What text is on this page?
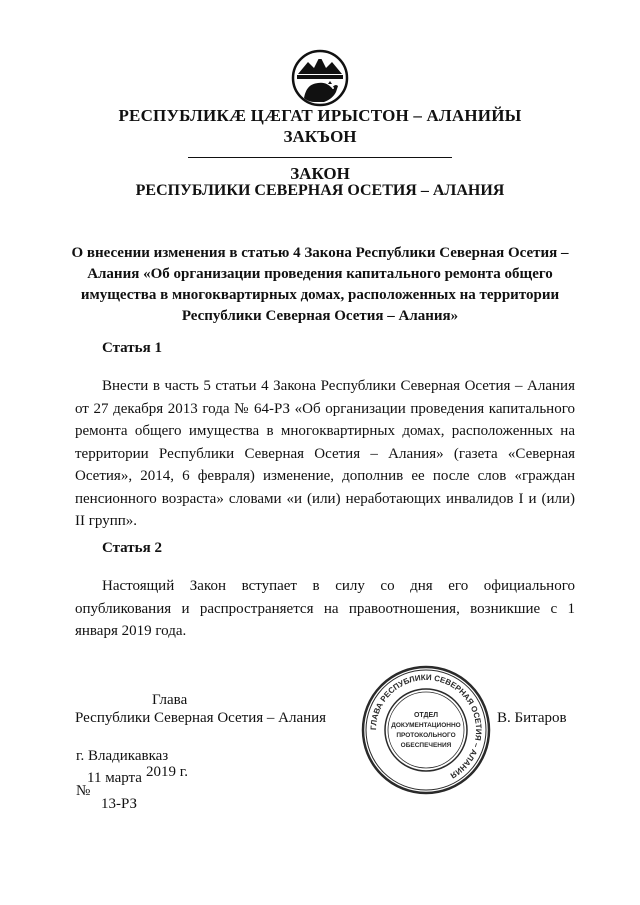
РЕСПУБЛИКӔ ЦӔГАТ ИРЫСТОН – АЛАНИЙЫ
ЗАКЪОН
ЗАКОН
РЕСПУБЛИКИ СЕВЕРНАЯ ОСЕТИЯ – АЛАНИЯ
О внесении изменения в статью 4 Закона Республики Северная Осетия – Алания «Об организации проведения капитального ремонта общего имущества в многоквартирных домах, расположенных на территории Республики Северная Осетия – Алания»
Статья 1
Внести в часть 5 статьи 4 Закона Республики Северная Осетия – Алания от 27 декабря 2013 года № 64-РЗ «Об организации проведения капитального ремонта общего имущества в многоквартирных домах, расположенных на территории Республики Северная Осетия – Алания» (газета «Северная Осетия», 2014, 6 февраля) изменение, дополнив ее после слов «граждан пенсионного возраста» словами «и (или) неработающих инвалидов I и (или) II групп».
Статья 2
Настоящий Закон вступает в силу со дня его официального опубликования и распространяется на правоотношения, возникшие с 1 января 2019 года.
Глава
Республики Северная Осетия – Алания	В. Битаров
ГЛАВА РЕСПУБЛИКИ СЕВЕРНАЯ ОСЕТИЯ – АЛАНИЯ
ОТДЕЛ
ДОКУМЕНТАЦИОННО
ПРОТОКОЛЬНОГО
ОБЕСПЕЧЕНИЯ
г. Владикавказ
11 марта 2019 г.
№
13-РЗ
